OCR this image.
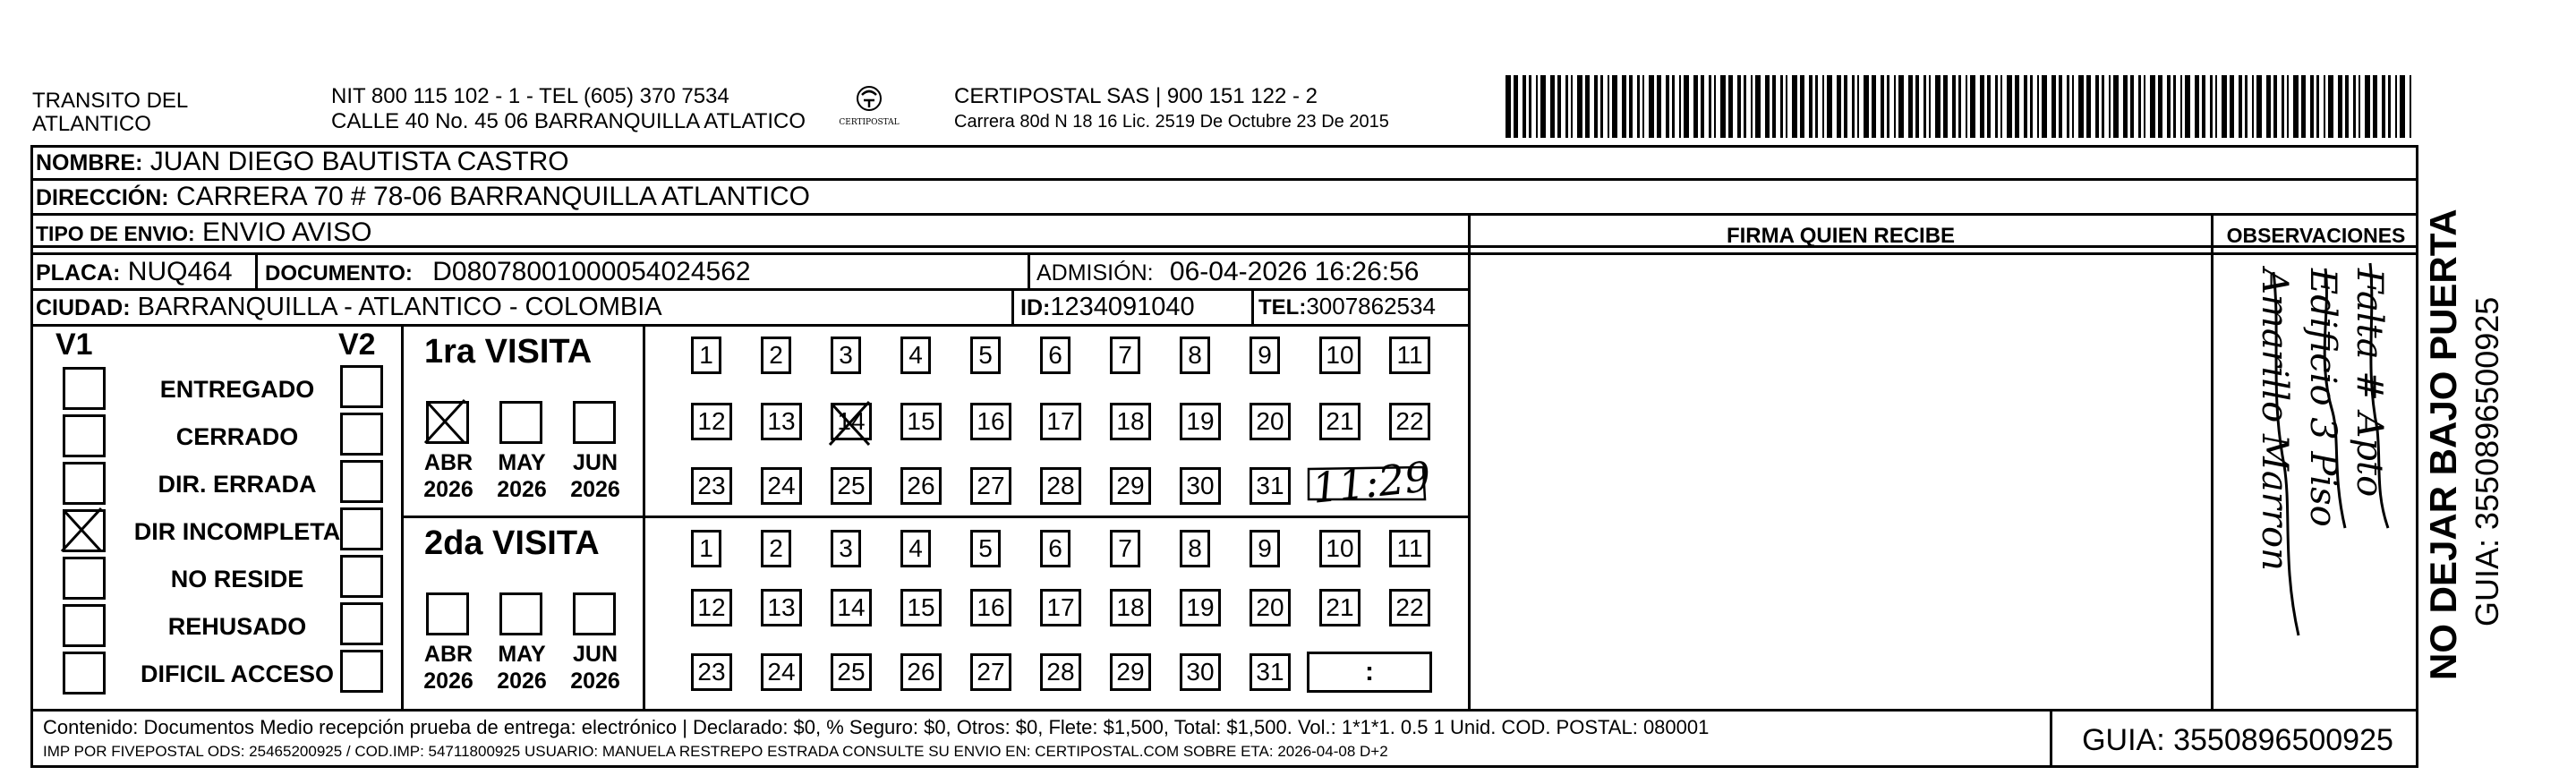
TRANSITO DEL
ATLANTICO
NIT 800 115 102 - 1 - TEL (605) 370 7534
CALLE 40 No. 45 06 BARRANQUILLA ATLATICO	CERTIPOSTAL
CERTIPOSTAL SAS | 900 151 122 - 2
Carrera 80d N 18 16 Lic. 2519 De Octubre 23 De 2015
NOMBRE: JUAN DIEGO BAUTISTA CASTRO
DIRECCIÓN: CARRERA 70 # 78-06 BARRANQUILLA ATLANTICO
TIPO DE ENVIO: ENVIO AVISO
PLACA: NUQ464 DOCUMENTO: D08078001000054024562	ADMISIÓN: 06-04-2026 16:26:56
CIUDAD: BARRANQUILLA - ATLANTICO - COLOMBIA	ID:1234091040	TEL:3007862534
FIRMA QUIEN RECIBE	OBSERVACIONES
V1	V2
ENTREGADO
CERRADO
DIR. ERRADA
DIR INCOMPLETA
NO RESIDE
REHUSADO
DIFICIL ACCESO
1ra VISITA
2da VISITA
ABR
2026
MAY
2026
JUN
2026
ABR
2026
MAY
2026
JUN
2026
1	2	3	4	5	6	7	8	9	10	11
12 13 14 15 16 17 18 19 20 21 22
23 24 25 26 27 28 29 30 31
1	2	3	4	5	6	7	8	9	10	11
12 13 14 15 16 17 18 19 20 21 22
23 24 25 26 27 28 29 30 31
11:29
:
Falta # Apto
Edificio 3 Piso
Amarillo Marron
Contenido: Documentos Medio recepción prueba de entrega: electrónico | Declarado: $0, % Seguro: $0, Otros: $0, Flete: $1,500, Total: $1,500. Vol.: 1*1*1. 0.5 1 Unid. COD. POSTAL: 080001
IMP POR FIVEPOSTAL ODS: 25465200925 / COD.IMP: 54711800925 USUARIO: MANUELA RESTREPO ESTRADA CONSULTE SU ENVIO EN: CERTIPOSTAL.COM SOBRE ETA: 2026-04-08 D+2	GUIA: 3550896500925
NO DEJAR BAJO PUERTA GUIA: 3550896500925
